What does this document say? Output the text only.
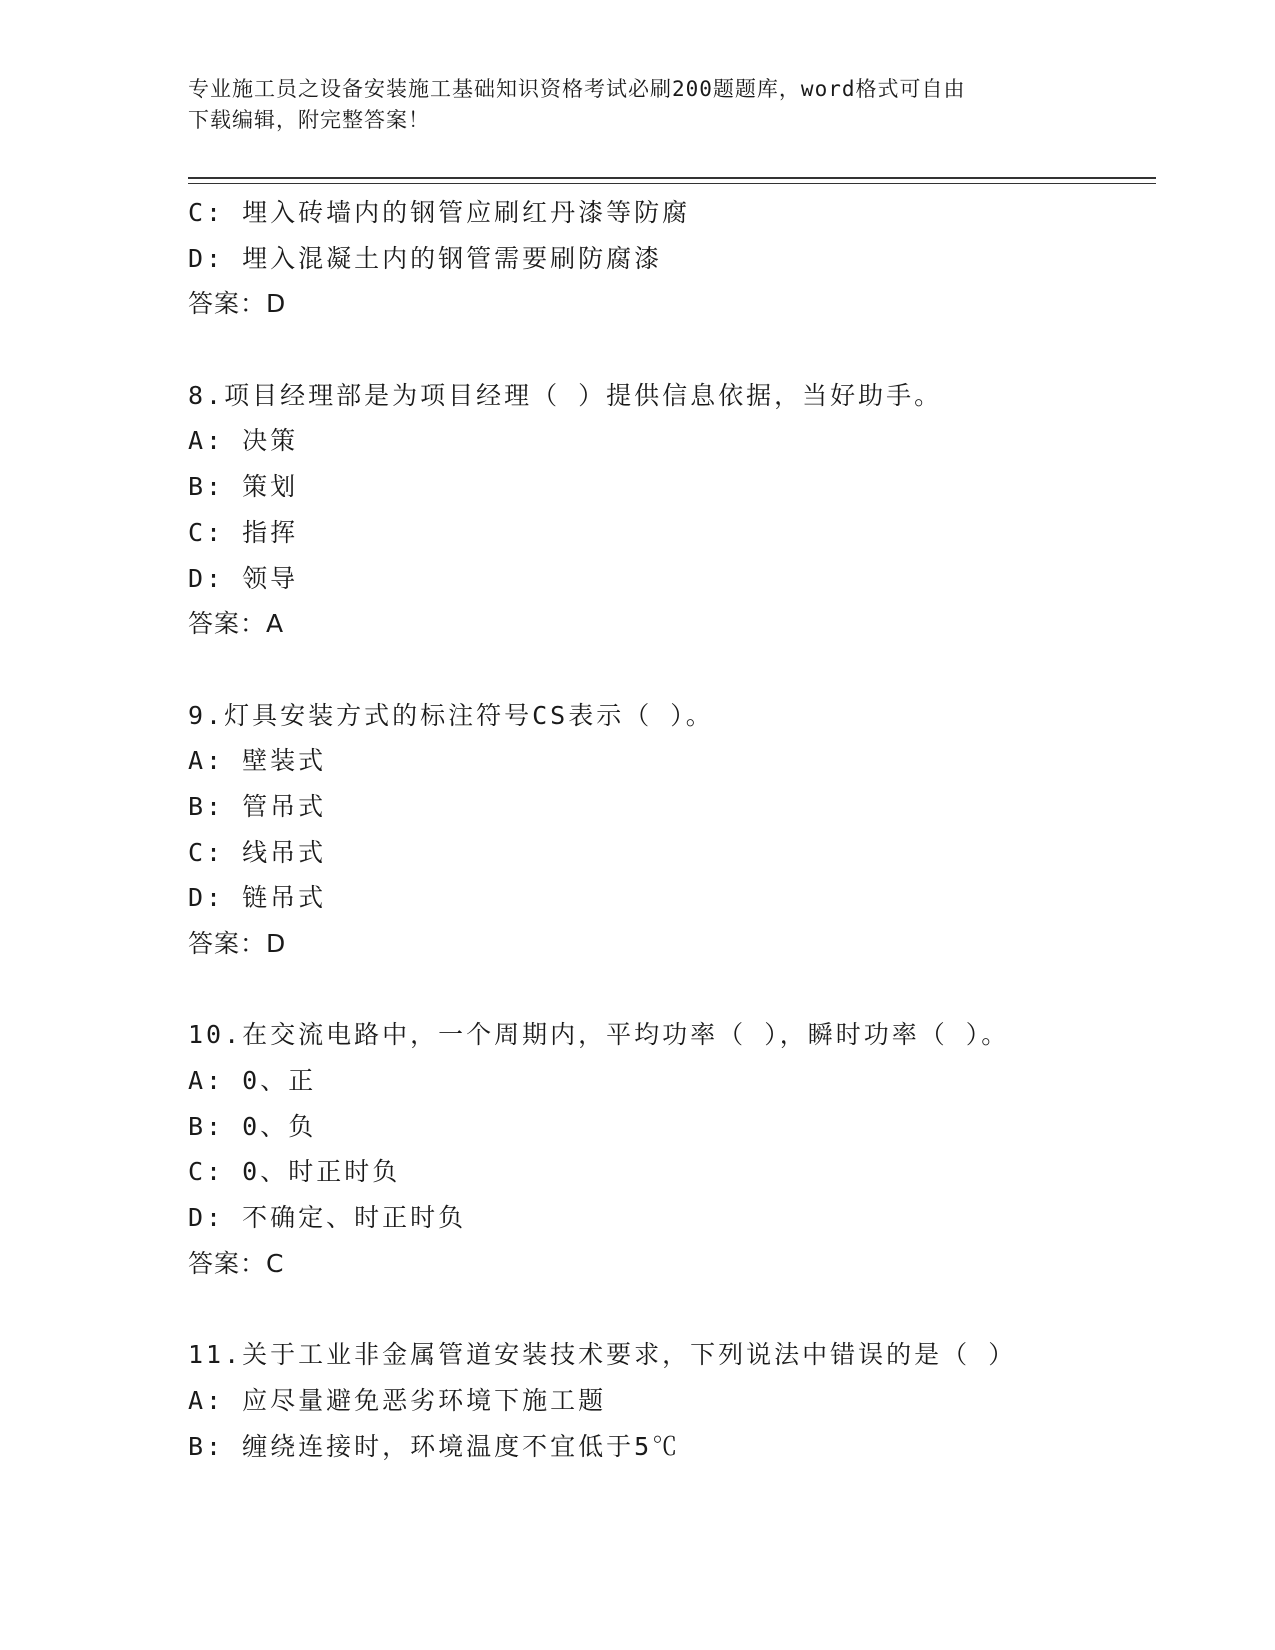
专业施工员之设备安装施工基础知识资格考试必刷200题题库，word格式可自由
下载编辑，附完整答案！
C: 埋入砖墙内的钢管应刷红丹漆等防腐
D: 埋入混凝土内的钢管需要刷防腐漆
答案：D
8.项目经理部是为项目经理（ ）提供信息依据，当好助手。
A: 决策
B: 策划
C: 指挥
D: 领导
答案：A
9.灯具安装方式的标注符号CS表示（ ）。
A: 壁装式
B: 管吊式
C: 线吊式
D: 链吊式
答案：D
10.在交流电路中，一个周期内，平均功率（ ），瞬时功率（ ）。
A: 0、正
B: 0、负
C: 0、时正时负
D: 不确定、时正时负
答案：C
11.关于工业非金属管道安装技术要求，下列说法中错误的是（ ）
A: 应尽量避免恶劣环境下施工题
B: 缠绕连接时，环境温度不宜低于5℃
